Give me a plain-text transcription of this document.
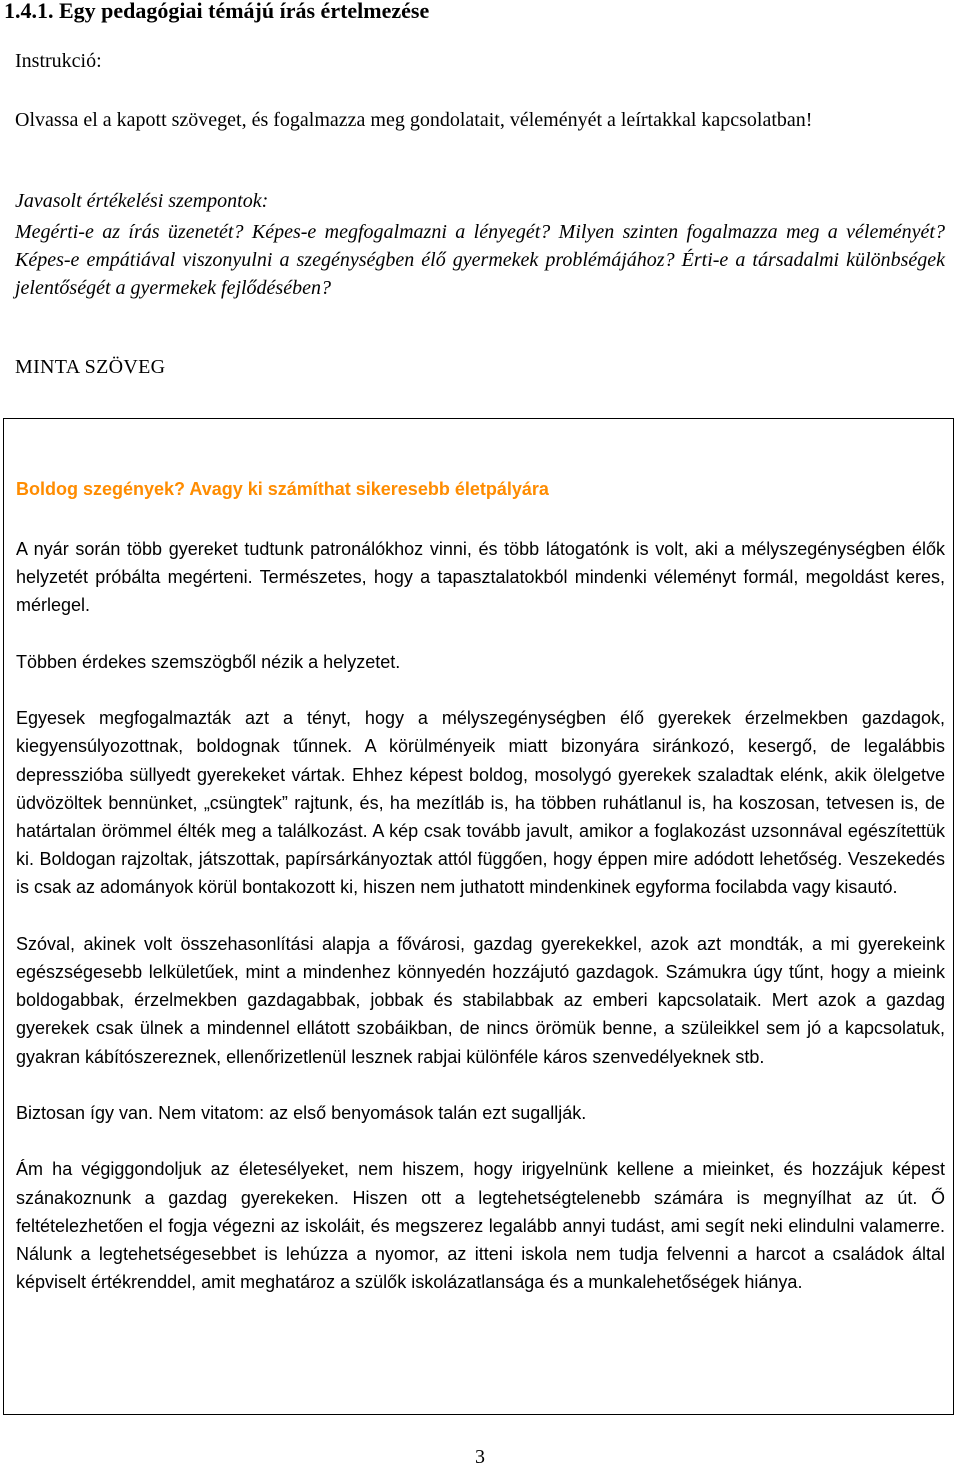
1.4.1. Egy pedagógiai témájú írás értelmezése

Instrukció:

Olvassa el a kapott szöveget, és fogalmazza meg gondolatait, véleményét a leírtakkal kapcsolatban!

Javasolt értékelési szempontok:

Megérti-e az írás üzenetét? Képes-e megfogalmazni a lényegét? Milyen szinten fogalmazza meg a véleményét? Képes-e empátiával viszonyulni a szegénységben élő gyermekek problémájához? Érti-e a társadalmi különbségek jelentőségét a gyermekek fejlődésében?

MINTA SZÖVEG

Boldog szegények? Avagy ki számíthat sikeresebb életpályára

A nyár során több gyereket tudtunk patronálókhoz vinni, és több látogatónk is volt, aki a mélyszegénységben élők helyzetét próbálta megérteni. Természetes, hogy a tapasztalatokból mindenki véleményt formál, megoldást keres, mérlegel.

Többen érdekes szemszögből nézik a helyzetet.

Egyesek megfogalmazták azt a tényt, hogy a mélyszegénységben élő gyerekek érzelmekben gazdagok, kiegyensúlyozottnak, boldognak tűnnek. A körülményeik miatt bizonyára siránkozó, kesergő, de legalábbis depresszióba süllyedt gyerekeket vártak. Ehhez képest boldog, mosolygó gyerekek szaladtak elénk, akik ölelgetve üdvözöltek bennünket, „csüngtek” rajtunk, és, ha mezítláb is, ha többen ruhátlanul is, ha koszosan, tetvesen is, de határtalan örömmel élték meg a találkozást. A kép csak tovább javult, amikor a foglakozást uzsonnával egészítettük ki. Boldogan rajzoltak, játszottak, papírsárkányoztak attól függően, hogy éppen mire adódott lehetőség. Veszekedés is csak az adományok körül bontakozott ki, hiszen nem juthatott mindenkinek egyforma focilabda vagy kisautó.

Szóval, akinek volt összehasonlítási alapja a fővárosi, gazdag gyerekekkel, azok azt mondták, a mi gyerekeink egészségesebb lelkületűek, mint a mindenhez könnyedén hozzájutó gazdagok. Számukra úgy tűnt, hogy a mieink boldogabbak, érzelmekben gazdagabbak, jobbak és stabilabbak az emberi kapcsolataik. Mert azok a gazdag gyerekek csak ülnek a mindennel ellátott szobáikban, de nincs örömük benne, a szüleikkel sem jó a kapcsolatuk, gyakran kábítószereznek, ellenőrizetlenül lesznek rabjai különféle káros szenvedélyeknek stb.

Biztosan így van. Nem vitatom: az első benyomások talán ezt sugallják.

Ám ha végiggondoljuk az életesélyeket, nem hiszem, hogy irigyelnünk kellene a mieinket, és hozzájuk képest szánakoznunk a gazdag gyerekeken. Hiszen ott a legtehetségtelenebb számára is megnyílhat az út. Ő feltételezhetően el fogja végezni az iskoláit, és megszerez legalább annyi tudást, ami segít neki elindulni valamerre. Nálunk a legtehetségesebbet is lehúzza a nyomor, az itteni iskola nem tudja felvenni a harcot a családok által képviselt értékrenddel, amit meghatároz a szülők iskolázatlansága és a munkalehetőségek hiánya.

3
